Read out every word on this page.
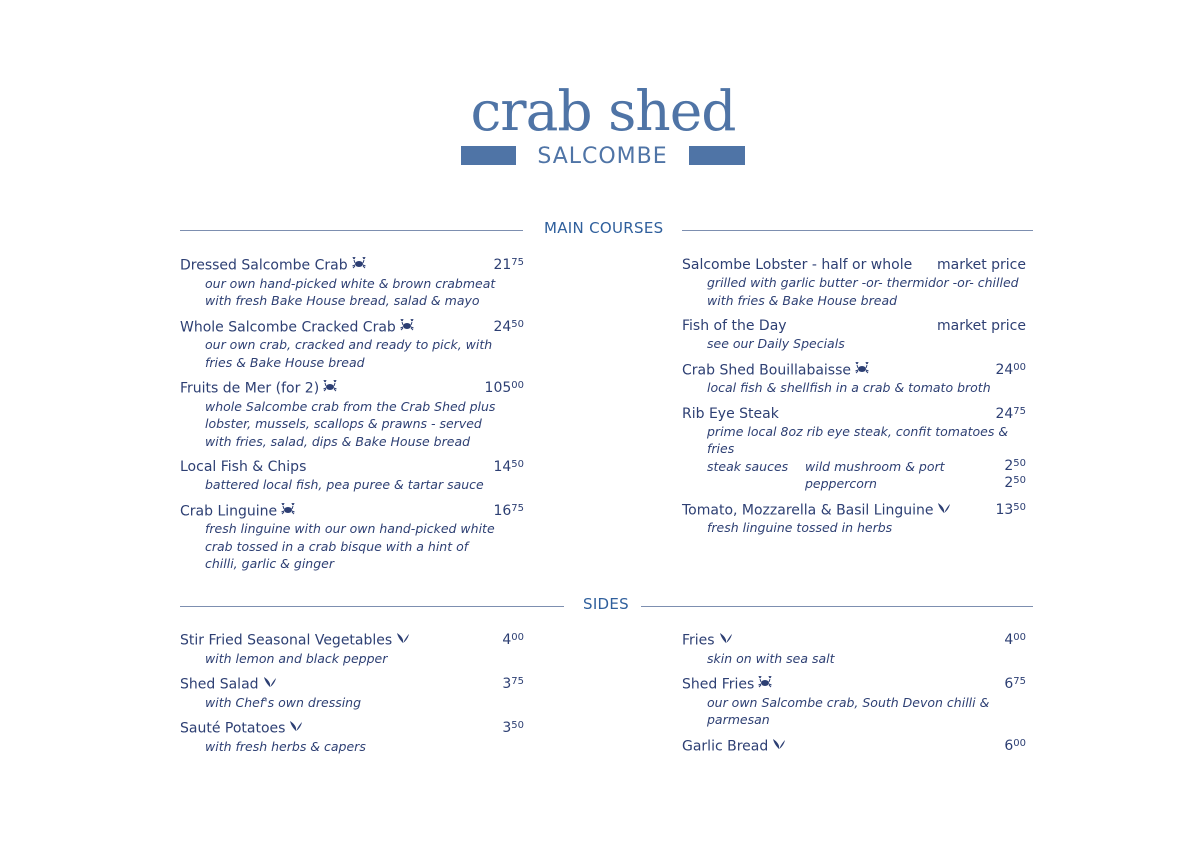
crab shed
SALCOMBE
MAIN COURSES
Dressed Salcombe Crab	$21^{75}$
our own hand-picked white & brown crabmeat with fresh Bake House bread, salad & mayo
Whole Salcombe Cracked Crab	$24^{50}$
our own crab, cracked and ready to pick, with fries & Bake House bread
Fruits de Mer (for 2)	$105^{00}$
whole Salcombe crab from the Crab Shed plus lobster, mussels, scallops & prawns - served with fries, salad, dips & Bake House bread
Local Fish & Chips	$14^{50}$
battered local fish, pea puree & tartar sauce
Crab Linguine	$16^{75}$
fresh linguine with our own hand-picked white crab tossed in a crab bisque with a hint of chilli, garlic & ginger
Salcombe Lobster - half or whole	market price
grilled with garlic butter -or- thermidor -or- chilled with fries & Bake House bread
Fish of the Day	market price
see our Daily Specials
Crab Shed Bouillabaisse	$24^{00}$
local fish & shellfish in a crab & tomato broth
Rib Eye Steak	$24^{75}$
prime local 8oz rib eye steak, confit tomatoes & fries
steak sauces wild mushroom & port	$2^{50}$
peppercorn	$2^{50}$
Tomato, Mozzarella & Basil Linguine	$13^{50}$
fresh linguine tossed in herbs
SIDES
Stir Fried Seasonal Vegetables	$4^{00}$
with lemon and black pepper
Shed Salad	$3^{75}$
with Chef's own dressing
Sauté Potatoes	$3^{50}$
with fresh herbs & capers
Fries	$4^{00}$
skin on with sea salt
Shed Fries	$6^{75}$
our own Salcombe crab, South Devon chilli & parmesan
Garlic Bread	$6^{00}$
